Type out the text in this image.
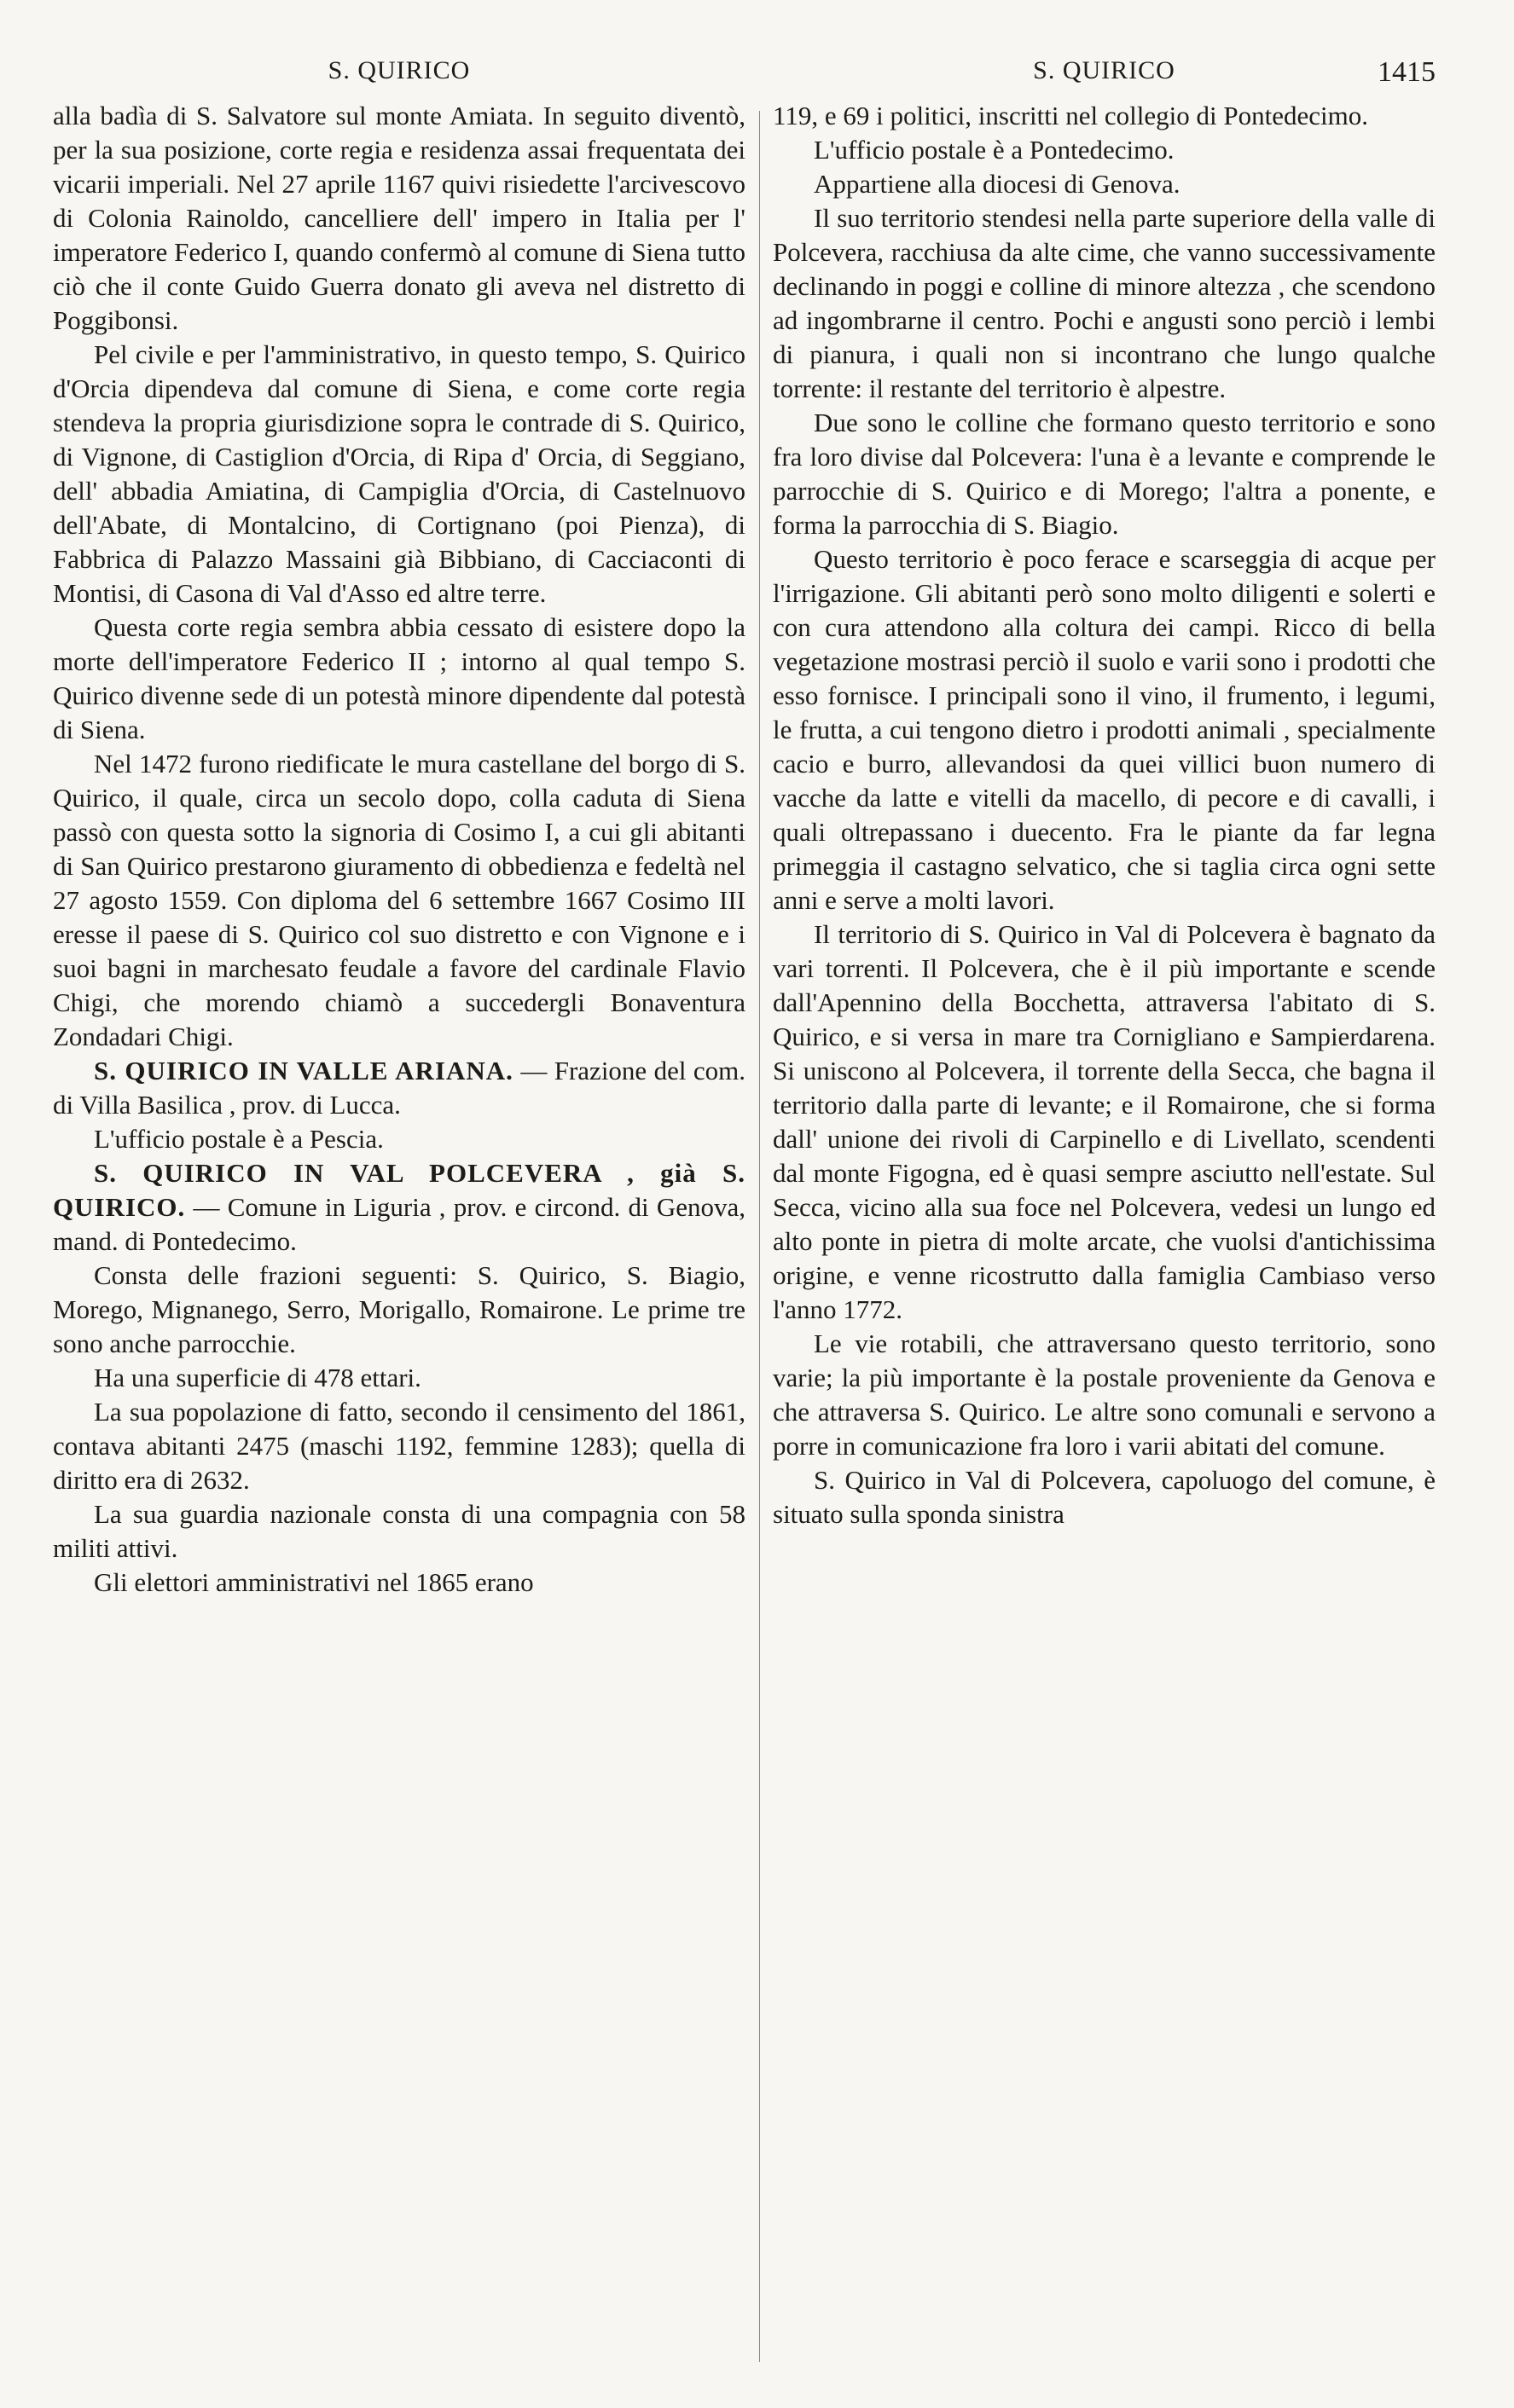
S. QUIRICO

alla badìa di S. Salvatore sul monte Amiata. In seguito diventò, per la sua posizione, corte regia e residenza assai frequentata dei vicarii imperiali. Nel 27 aprile 1167 quivi risiedette l'arcivescovo di Colonia Rainoldo, cancelliere dell' impero in Italia per l' imperatore Federico I, quando confermò al comune di Siena tutto ciò che il conte Guido Guerra donato gli aveva nel distretto di Poggibonsi.

Pel civile e per l'amministrativo, in questo tempo, S. Quirico d'Orcia dipendeva dal comune di Siena, e come corte regia stendeva la propria giurisdizione sopra le contrade di S. Quirico, di Vignone, di Castiglion d'Orcia, di Ripa d' Orcia, di Seggiano, dell' abbadia Amiatina, di Campiglia d'Orcia, di Castelnuovo dell'Abate, di Montalcino, di Cortignano (poi Pienza), di Fabbrica di Palazzo Massaini già Bibbiano, di Cacciaconti di Montisi, di Casona di Val d'Asso ed altre terre.

Questa corte regia sembra abbia cessato di esistere dopo la morte dell'imperatore Federico II ; intorno al qual tempo S. Quirico divenne sede di un potestà minore dipendente dal potestà di Siena.

Nel 1472 furono riedificate le mura castellane del borgo di S. Quirico, il quale, circa un secolo dopo, colla caduta di Siena passò con questa sotto la signoria di Cosimo I, a cui gli abitanti di San Quirico prestarono giuramento di obbedienza e fedeltà nel 27 agosto 1559. Con diploma del 6 settembre 1667 Cosimo III eresse il paese di S. Quirico col suo distretto e con Vignone e i suoi bagni in marchesato feudale a favore del cardinale Flavio Chigi, che morendo chiamò a succedergli Bonaventura Zondadari Chigi.

S. QUIRICO IN VALLE ARIANA. — Frazione del com. di Villa Basilica , prov. di Lucca.

L'ufficio postale è a Pescia.

S. QUIRICO IN VAL POLCEVERA , già S. QUIRICO. — Comune in Liguria , prov. e circond. di Genova, mand. di Pontedecimo.

Consta delle frazioni seguenti: S. Quirico, S. Biagio, Morego, Mignanego, Serro, Morigallo, Romairone. Le prime tre sono anche parrocchie.

Ha una superficie di 478 ettari.

La sua popolazione di fatto, secondo il censimento del 1861, contava abitanti 2475 (maschi 1192, femmine 1283); quella di diritto era di 2632.

La sua guardia nazionale consta di una compagnia con 58 militi attivi.

Gli elettori amministrativi nel 1865 erano

S. QUIRICO	1415

119, e 69 i politici, inscritti nel collegio di Pontedecimo.

L'ufficio postale è a Pontedecimo.

Appartiene alla diocesi di Genova.

Il suo territorio stendesi nella parte superiore della valle di Polcevera, racchiusa da alte cime, che vanno successivamente declinando in poggi e colline di minore altezza , che scendono ad ingombrarne il centro. Pochi e angusti sono perciò i lembi di pianura, i quali non si incontrano che lungo qualche torrente: il restante del territorio è alpestre.

Due sono le colline che formano questo territorio e sono fra loro divise dal Polcevera: l'una è a levante e comprende le parrocchie di S. Quirico e di Morego; l'altra a ponente, e forma la parrocchia di S. Biagio.

Questo territorio è poco ferace e scarseggia di acque per l'irrigazione. Gli abitanti però sono molto diligenti e solerti e con cura attendono alla coltura dei campi. Ricco di bella vegetazione mostrasi perciò il suolo e varii sono i prodotti che esso fornisce. I principali sono il vino, il frumento, i legumi, le frutta, a cui tengono dietro i prodotti animali , specialmente cacio e burro, allevandosi da quei villici buon numero di vacche da latte e vitelli da macello, di pecore e di cavalli, i quali oltrepassano i duecento. Fra le piante da far legna primeggia il castagno selvatico, che si taglia circa ogni sette anni e serve a molti lavori.

Il territorio di S. Quirico in Val di Polcevera è bagnato da vari torrenti. Il Polcevera, che è il più importante e scende dall'Apennino della Bocchetta, attraversa l'abitato di S. Quirico, e si versa in mare tra Cornigliano e Sampierdarena. Si uniscono al Polcevera, il torrente della Secca, che bagna il territorio dalla parte di levante; e il Romairone, che si forma dall' unione dei rivoli di Carpinello e di Livellato, scendenti dal monte Figogna, ed è quasi sempre asciutto nell'estate. Sul Secca, vicino alla sua foce nel Polcevera, vedesi un lungo ed alto ponte in pietra di molte arcate, che vuolsi d'antichissima origine, e venne ricostrutto dalla famiglia Cambiaso verso l'anno 1772.

Le vie rotabili, che attraversano questo territorio, sono varie; la più importante è la postale proveniente da Genova e che attraversa S. Quirico. Le altre sono comunali e servono a porre in comunicazione fra loro i varii abitati del comune.

S. Quirico in Val di Polcevera, capoluogo del comune, è situato sulla sponda sinistra
